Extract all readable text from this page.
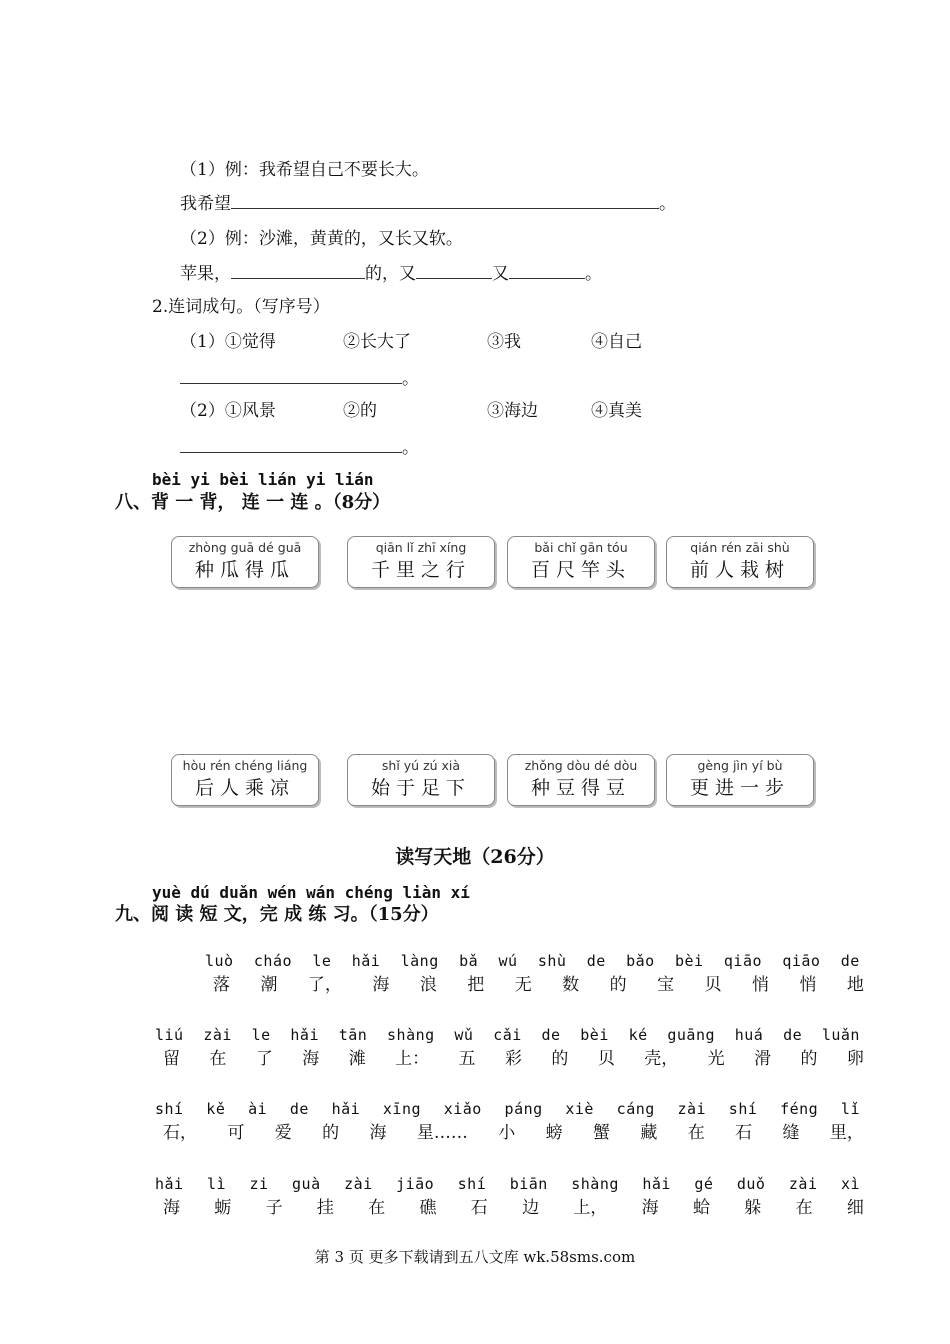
（1）例：我希望自己不要长大。
我希望	。
（2）例：沙滩，黄黄的，又长又软。
苹果，	的，又	又	。
2.连词成句。（写序号）
（1）①觉得	②长大了	③我	④自己
。
（2）①风景	②的	③海边	④真美
。
bèi yi bèi lián yi lián
八、背 一 背， 连 一 连 。（8分）
zhòng guā dé guā
种瓜得瓜
qiān lǐ zhī xíng
千里之行
bǎi chǐ gān tóu
百尺竿头
qián rén zāi shù
前人栽树
hòu rén chéng liáng
后人乘凉
shǐ yú zú xià
始于足下
zhǒng dòu dé dòu
种豆得豆
gèng jìn yí bù
更进一步
读写天地（26分）
yuè dú duǎn wén wán chéng liàn xí
九、阅 读 短 文，完 成 练 习。（15分）
luò cháo le hǎi làng bǎ wú shù de bǎo bèi qiāo qiāo de
落 潮 了， 海 浪 把 无 数 的 宝 贝 悄 悄 地
liú zài le hǎi tān shàng wǔ cǎi de bèi ké guāng huá de luǎn
留 在 了 海 滩 上： 五 彩 的 贝 壳， 光 滑 的 卵
shí kě ài de hǎi xīng xiǎo páng xiè cáng zài shí féng lǐ
石， 可 爱 的 海 星…… 小 螃 蟹 藏 在 石 缝 里，
hǎi lì zi guà zài jiāo shí biān shàng hǎi gé duǒ zài xì
海 蛎 子 挂 在 礁 石 边 上， 海 蛤 躲 在 细
第 3 页 更多下载请到五八文库 wk.58sms.com
